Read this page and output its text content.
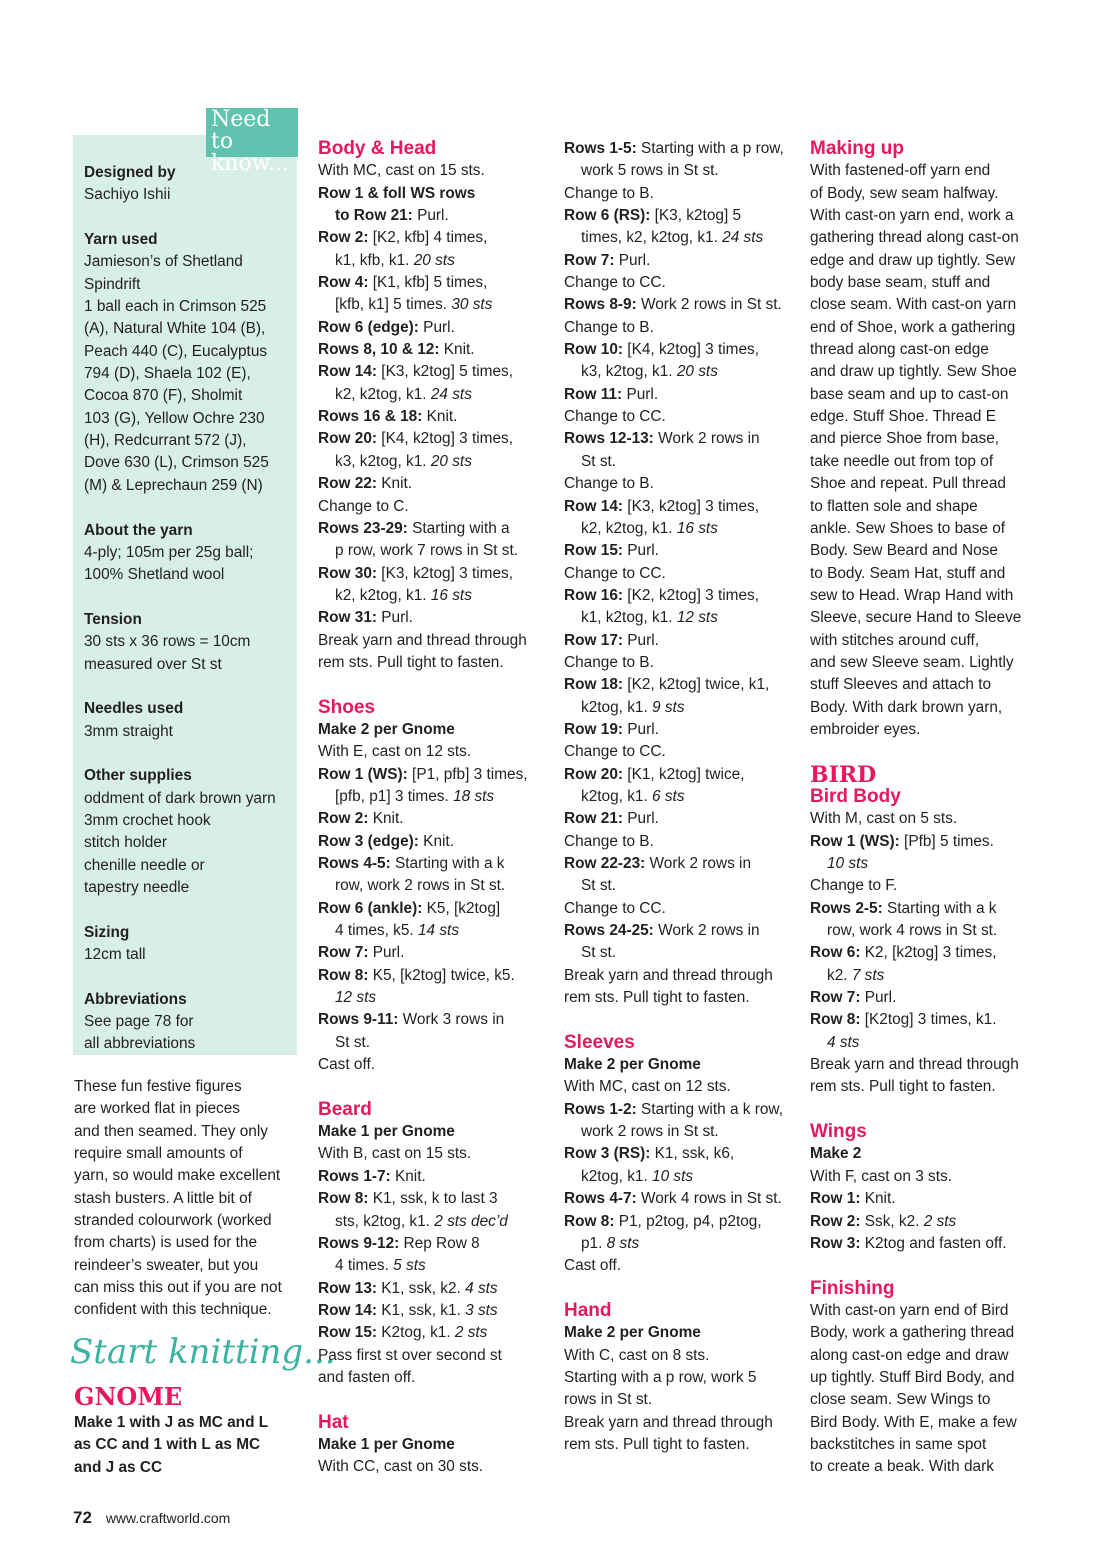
Need to
know...
Designed by
Sachiyo Ishii
Yarn used
Jamieson’s of Shetland
Spindrift
1 ball each in Crimson 525
(A), Natural White 104 (B),
Peach 440 (C), Eucalyptus
794 (D), Shaela 102 (E),
Cocoa 870 (F), Sholmit
103 (G), Yellow Ochre 230
(H), Redcurrant 572 (J),
Dove 630 (L), Crimson 525
(M) & Leprechaun 259 (N)
About the yarn
4-ply; 105m per 25g ball;
100% Shetland wool
Tension
30 sts x 36 rows = 10cm
measured over St st
Needles used
3mm straight
Other supplies
oddment of dark brown yarn
3mm crochet hook
stitch holder
chenille needle or
tapestry needle
Sizing
12cm tall
Abbreviations
See page 78 for
all abbreviations
These fun festive figures
are worked flat in pieces
and then seamed. They only
require small amounts of
yarn, so would make excellent
stash busters. A little bit of
stranded colourwork (worked
from charts) is used for the
reindeer’s sweater, but you
can miss this out if you are not
confident with this technique.
Start knitting...
GNOME
Make 1 with J as MC and L
as CC and 1 with L as MC
and J as CC
Body & Head
With MC, cast on 15 sts.
Row 1 & foll WS rows
to Row 21: Purl.
Row 2: [K2, kfb] 4 times,
k1, kfb, k1. 20 sts
Row 4: [K1, kfb] 5 times,
[kfb, k1] 5 times. 30 sts
Row 6 (edge): Purl.
Rows 8, 10 & 12: Knit.
Row 14: [K3, k2tog] 5 times,
k2, k2tog, k1. 24 sts
Rows 16 & 18: Knit.
Row 20: [K4, k2tog] 3 times,
k3, k2tog, k1. 20 sts
Row 22: Knit.
Change to C.
Rows 23-29: Starting with a
p row, work 7 rows in St st.
Row 30: [K3, k2tog] 3 times,
k2, k2tog, k1. 16 sts
Row 31: Purl.
Break yarn and thread through
rem sts. Pull tight to fasten.
Shoes
Make 2 per Gnome
With E, cast on 12 sts.
Row 1 (WS): [P1, pfb] 3 times,
[pfb, p1] 3 times. 18 sts
Row 2: Knit.
Row 3 (edge): Knit.
Rows 4-5: Starting with a k
row, work 2 rows in St st.
Row 6 (ankle): K5, [k2tog]
4 times, k5. 14 sts
Row 7: Purl.
Row 8: K5, [k2tog] twice, k5.
12 sts
Rows 9-11: Work 3 rows in
St st.
Cast off.
Beard
Make 1 per Gnome
With B, cast on 15 sts.
Rows 1-7: Knit.
Row 8: K1, ssk, k to last 3
sts, k2tog, k1. 2 sts dec’d
Rows 9-12: Rep Row 8
4 times. 5 sts
Row 13: K1, ssk, k2. 4 sts
Row 14: K1, ssk, k1. 3 sts
Row 15: K2tog, k1. 2 sts
Pass first st over second st
and fasten off.
Hat
Make 1 per Gnome
With CC, cast on 30 sts.
Rows 1-5: Starting with a p row,
work 5 rows in St st.
Change to B.
Row 6 (RS): [K3, k2tog] 5
times, k2, k2tog, k1. 24 sts
Row 7: Purl.
Change to CC.
Rows 8-9: Work 2 rows in St st.
Change to B.
Row 10: [K4, k2tog] 3 times,
k3, k2tog, k1. 20 sts
Row 11: Purl.
Change to CC.
Rows 12-13: Work 2 rows in
St st.
Change to B.
Row 14: [K3, k2tog] 3 times,
k2, k2tog, k1. 16 sts
Row 15: Purl.
Change to CC.
Row 16: [K2, k2tog] 3 times,
k1, k2tog, k1. 12 sts
Row 17: Purl.
Change to B.
Row 18: [K2, k2tog] twice, k1,
k2tog, k1. 9 sts
Row 19: Purl.
Change to CC.
Row 20: [K1, k2tog] twice,
k2tog, k1. 6 sts
Row 21: Purl.
Change to B.
Row 22-23: Work 2 rows in
St st.
Change to CC.
Rows 24-25: Work 2 rows in
St st.
Break yarn and thread through
rem sts. Pull tight to fasten.
Sleeves
Make 2 per Gnome
With MC, cast on 12 sts.
Rows 1-2: Starting with a k row,
work 2 rows in St st.
Row 3 (RS): K1, ssk, k6,
k2tog, k1. 10 sts
Rows 4-7: Work 4 rows in St st.
Row 8: P1, p2tog, p4, p2tog,
p1. 8 sts
Cast off.
Hand
Make 2 per Gnome
With C, cast on 8 sts.
Starting with a p row, work 5
rows in St st.
Break yarn and thread through
rem sts. Pull tight to fasten.
Making up
With fastened-off yarn end
of Body, sew seam halfway.
With cast-on yarn end, work a
gathering thread along cast-on
edge and draw up tightly. Sew
body base seam, stuff and
close seam. With cast-on yarn
end of Shoe, work a gathering
thread along cast-on edge
and draw up tightly. Sew Shoe
base seam and up to cast-on
edge. Stuff Shoe. Thread E
and pierce Shoe from base,
take needle out from top of
Shoe and repeat. Pull thread
to flatten sole and shape
ankle. Sew Shoes to base of
Body. Sew Beard and Nose
to Body. Seam Hat, stuff and
sew to Head. Wrap Hand with
Sleeve, secure Hand to Sleeve
with stitches around cuff,
and sew Sleeve seam. Lightly
stuff Sleeves and attach to
Body. With dark brown yarn,
embroider eyes.
BIRD
Bird Body
With M, cast on 5 sts.
Row 1 (WS): [Pfb] 5 times.
10 sts
Change to F.
Rows 2-5: Starting with a k
row, work 4 rows in St st.
Row 6: K2, [k2tog] 3 times,
k2. 7 sts
Row 7: Purl.
Row 8: [K2tog] 3 times, k1.
4 sts
Break yarn and thread through
rem sts. Pull tight to fasten.
Wings
Make 2
With F, cast on 3 sts.
Row 1: Knit.
Row 2: Ssk, k2. 2 sts
Row 3: K2tog and fasten off.
Finishing
With cast-on yarn end of Bird
Body, work a gathering thread
along cast-on edge and draw
up tightly. Stuff Bird Body, and
close seam. Sew Wings to
Bird Body. With E, make a few
backstitches in same spot
to create a beak. With dark
72 www.craftworld.com
